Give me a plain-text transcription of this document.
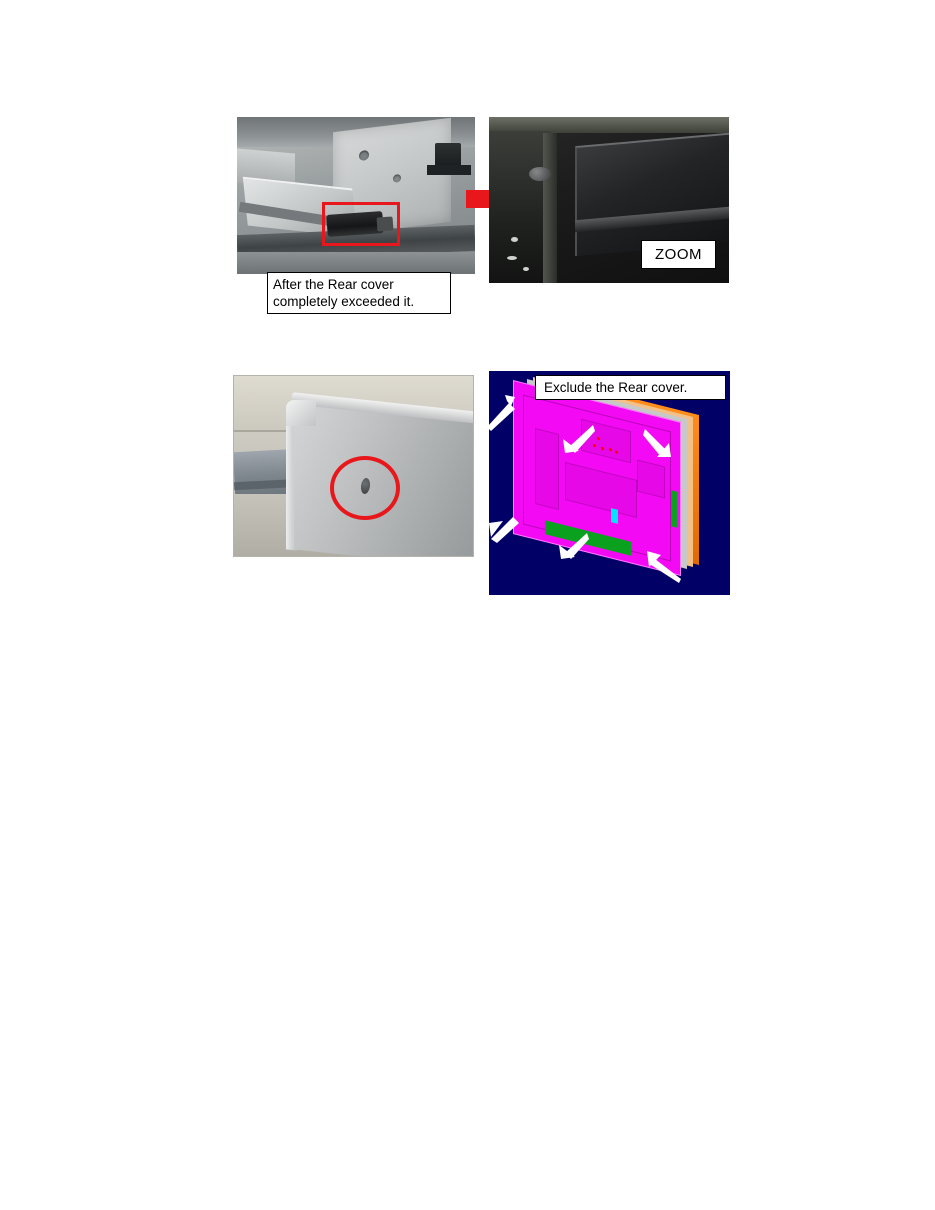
After the Rear cover
completely exceeded it.
ZOOM
Exclude the Rear cover.
